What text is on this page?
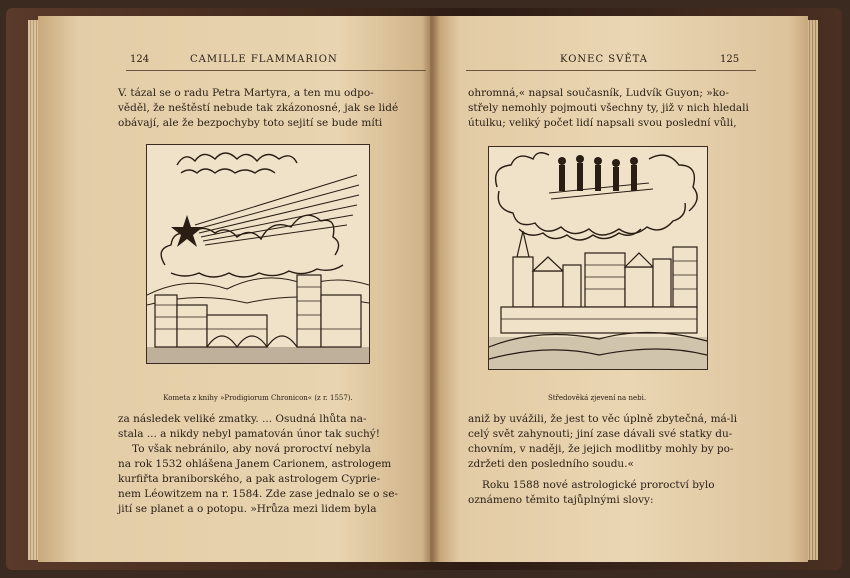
124	CAMILLE FLAMMARION
V. tázal se o radu Petra Martyra, a ten mu odpo-
věděl, že neštěstí nebude tak zkázonosné, jak se lidé
obávají, ale že bezpochyby toto sejití se bude míti
Kometa z knihy »Prodigiorum Chronicon« (z r. 1557).
za následek veliké zmatky. ... Osudná lhůta na-
stala ... a nikdy nebyl pamatován únor tak suchý!
To však nebránilo, aby nová proroctví nebyla
na rok 1532 ohlášena Janem Carionem, astrologem
kurfiřta braniborského, a pak astrologem Cyprie-
nem Léowitzem na r. 1584. Zde zase jednalo se o se-
jití se planet a o potopu. »Hrůza mezi lidem byla
KONEC SVĚTA	125
ohromná,« napsal současník, Ludvík Guyon; »ko-
střely nemohly pojmouti všechny ty, již v nich hledali
útulku; veliký počet lidí napsali svou poslední vůli,
Středověká zjevení na nebi.
aniž by uvážili, že jest to věc úplně zbytečná, má-li
celý svět zahynouti; jiní zase dávali své statky du-
chovním, v naději, že jejich modlitby mohly by po-
zdržeti den posledního soudu.«
Roku 1588 nové astrologické proroctví bylo
oznámeno těmito tajůplnými slovy:
